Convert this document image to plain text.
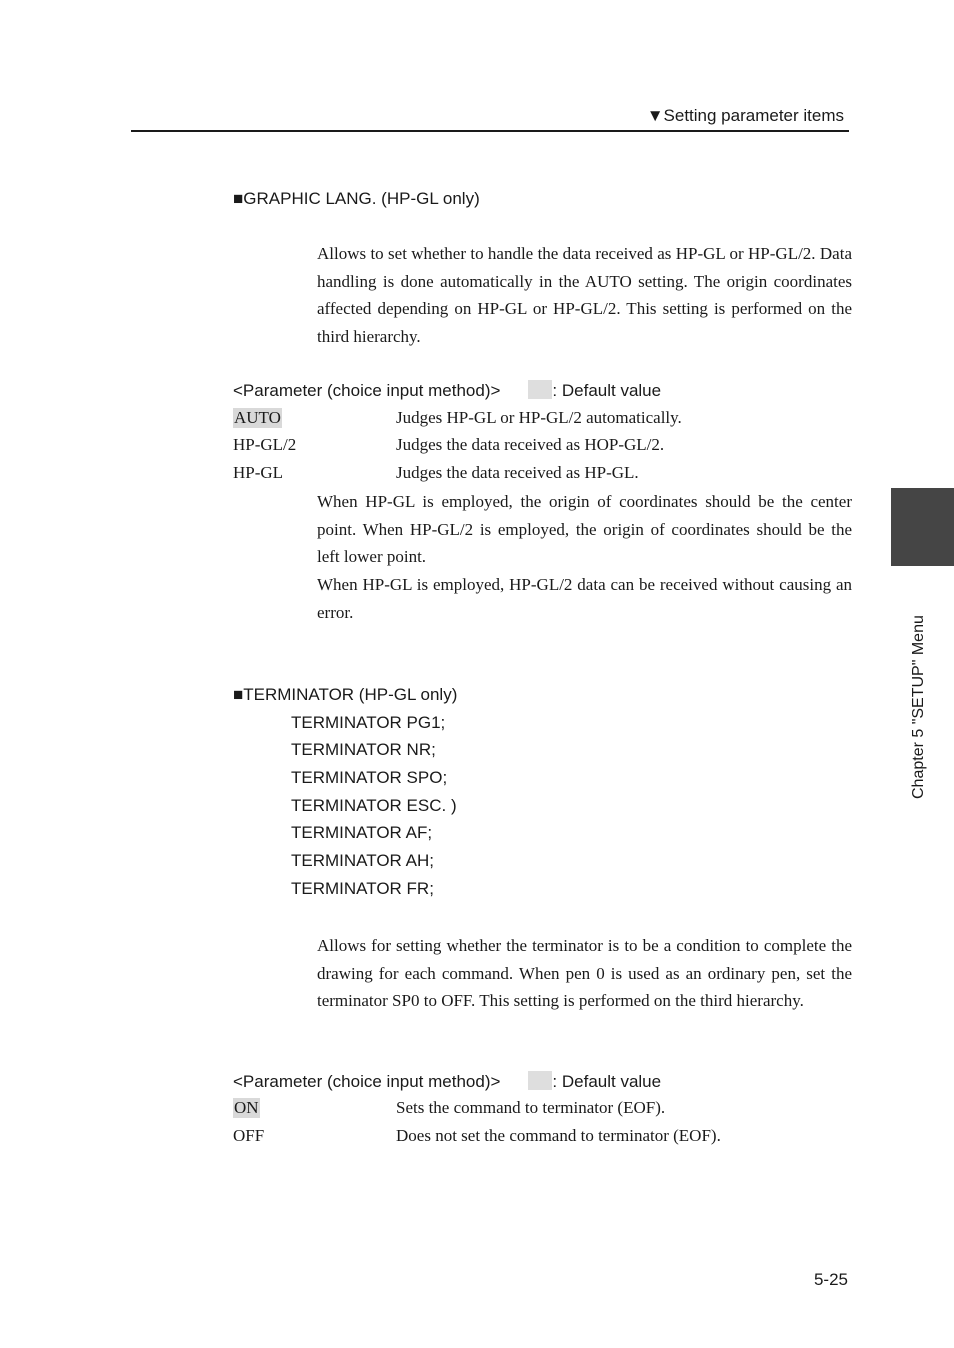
▼Setting parameter items
■GRAPHIC LANG. (HP-GL only)
Allows to set whether to handle the data received as HP-GL or HP-GL/2. Data handling is done automatically in the AUTO setting. The origin coordinates affected depending on HP-GL or HP-GL/2. This setting is performed on the third hierarchy.
<Parameter (choice input method)>	: Default value
AUTO	Judges HP-GL or HP-GL/2 automatically.
HP-GL/2	Judges the data received as HOP-GL/2.
HP-GL	Judges the data received as HP-GL.
When HP-GL is employed, the origin of coordinates should be the center point. When HP-GL/2 is employed, the origin of coordinates should be the left lower point.
When HP-GL is employed, HP-GL/2 data can be received without causing an error.
■TERMINATOR (HP-GL only)
TERMINATOR PG1;
TERMINATOR NR;
TERMINATOR SPO;
TERMINATOR ESC. )
TERMINATOR AF;
TERMINATOR AH;
TERMINATOR FR;
Allows for setting whether the terminator is to be a condition to complete the drawing for each command. When pen 0 is used as an ordinary pen, set the terminator SP0 to OFF. This setting is performed on the third hierarchy.
<Parameter (choice input method)>	: Default value
ON	Sets the command to terminator (EOF).
OFF	Does not set the command to terminator (EOF).
Chapter 5 "SETUP" Menu
5-25
